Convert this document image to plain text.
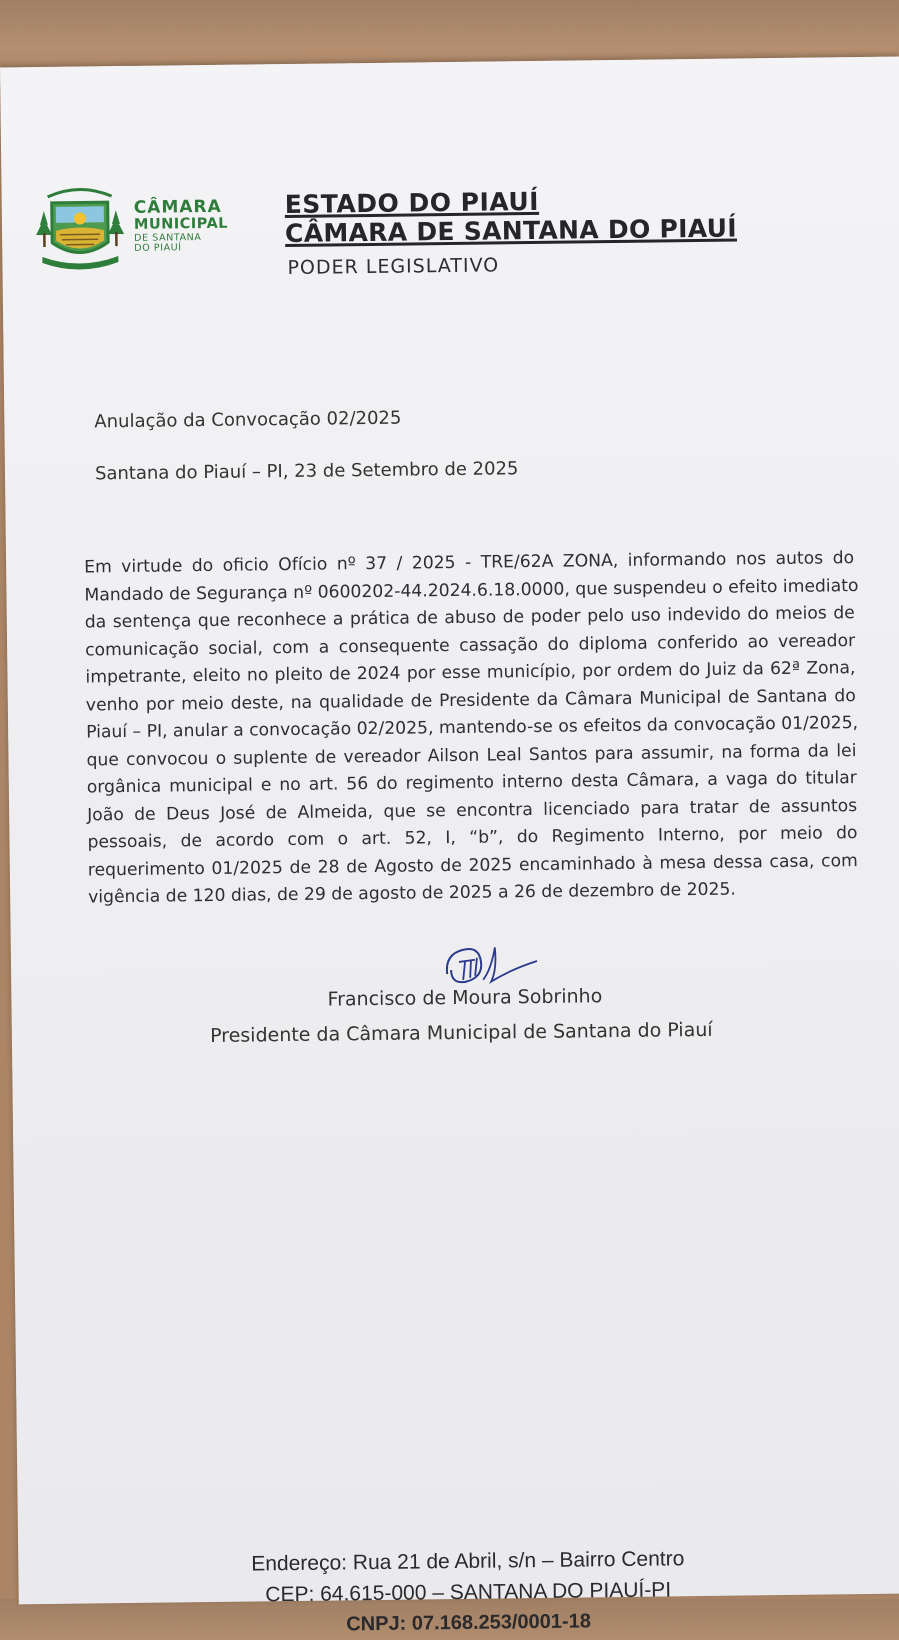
CÂMARA
MUNICIPAL
DE SANTANA
DO PIAUÍ
ESTADO DO PIAUÍ
CÂMARA DE SANTANA DO PIAUÍ
PODER LEGISLATIVO
Anulação da Convocação 02/2025
Santana do Piauí – PI, 23 de Setembro de 2025
Em virtude do oficio Ofício nº 37 / 2025 - TRE/62A ZONA, informando nos autos do
Mandado de Segurança nº 0600202-44.2024.6.18.0000, que suspendeu o efeito imediato
da sentença que reconhece a prática de abuso de poder pelo uso indevido do meios de
comunicação social, com a consequente cassação do diploma conferido ao vereador
impetrante, eleito no pleito de 2024 por esse município, por ordem do Juiz da 62ª Zona,
venho por meio deste, na qualidade de Presidente da Câmara Municipal de Santana do
Piauí – PI, anular a convocação 02/2025, mantendo-se os efeitos da convocação 01/2025,
que convocou o suplente de vereador Ailson Leal Santos para assumir, na forma da lei
orgânica municipal e no art. 56 do regimento interno desta Câmara, a vaga do titular
João de Deus José de Almeida, que se encontra licenciado para tratar de assuntos
pessoais, de acordo com o art. 52, I, “b”, do Regimento Interno, por meio do
requerimento 01/2025 de 28 de Agosto de 2025 encaminhado à mesa dessa casa, com
vigência de 120 dias, de 29 de agosto de 2025 a 26 de dezembro de 2025.
Francisco de Moura Sobrinho
Presidente da Câmara Municipal de Santana do Piauí
Endereço: Rua 21 de Abril, s/n – Bairro Centro
CEP: 64.615-000 – SANTANA DO PIAUÍ-PI
CNPJ: 07.168.253/0001-18
